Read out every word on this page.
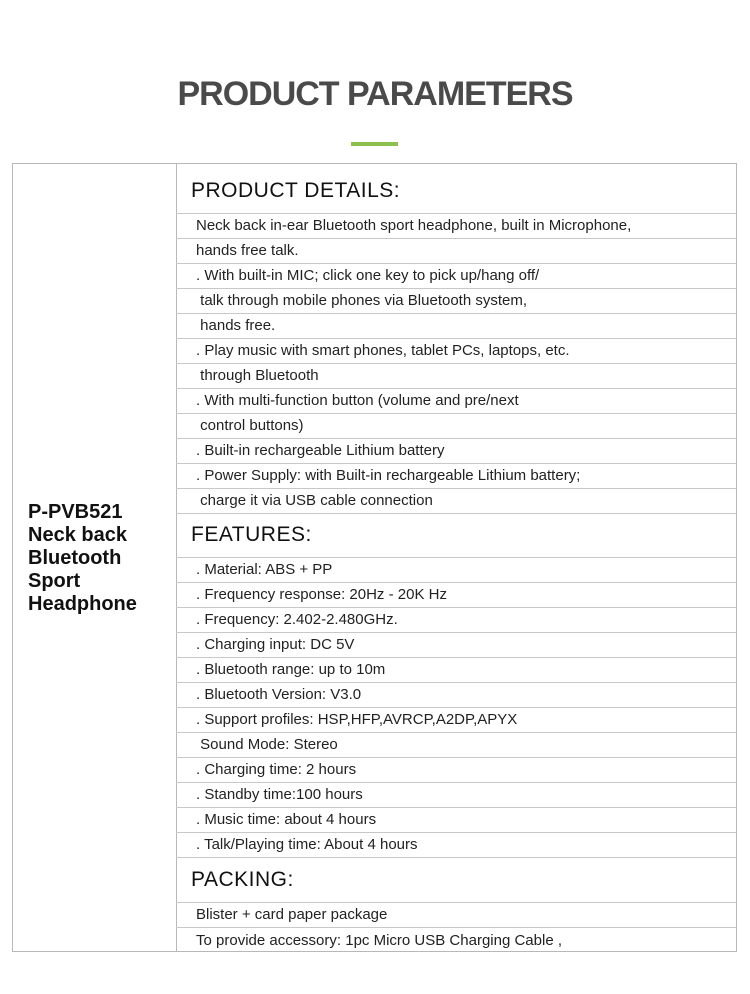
PRODUCT PARAMETERS
P-PVB521
Neck back
Bluetooth
Sport
Headphone
PRODUCT DETAILS:
Neck back in-ear Bluetooth sport headphone, built in Microphone,
hands free talk.
. With built-in MIC; click one key to pick up/hang off/
talk through mobile phones via Bluetooth system,
hands free.
. Play music with smart phones, tablet PCs, laptops, etc.
through Bluetooth
. With multi-function button (volume and pre/next
control buttons)
. Built-in rechargeable Lithium battery
. Power Supply: with Built-in rechargeable Lithium battery;
charge it via USB cable connection
FEATURES:
. Material: ABS + PP
. Frequency response: 20Hz - 20K Hz
. Frequency: 2.402-2.480GHz.
. Charging input: DC 5V
. Bluetooth range: up to 10m
. Bluetooth Version: V3.0
. Support profiles: HSP,HFP,AVRCP,A2DP,APYX
Sound Mode: Stereo
. Charging time: 2 hours
. Standby time:100 hours
. Music time: about 4 hours
. Talk/Playing time: About 4 hours
PACKING:
Blister + card paper package
To provide accessory: 1pc Micro USB Charging Cable ,
